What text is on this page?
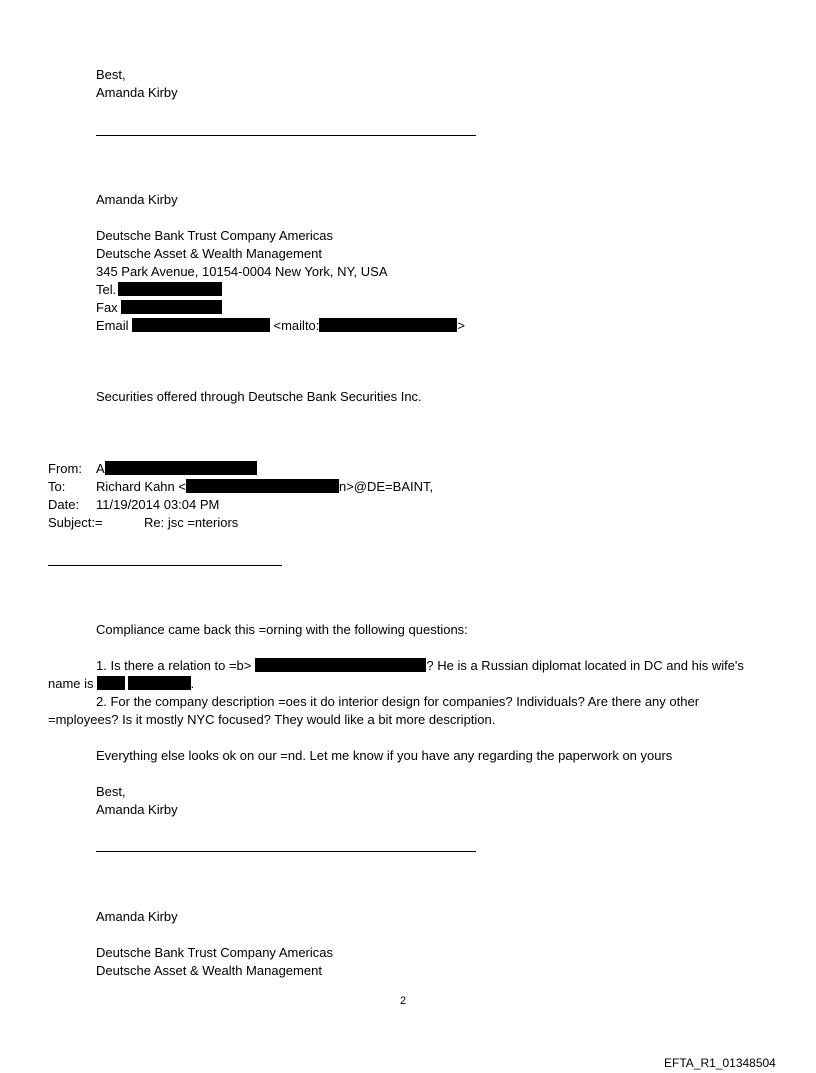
Best,
Amanda Kirby
Amanda Kirby
Deutsche Bank Trust Company Americas
Deutsche Asset & Wealth Management
345 Park Avenue, 10154-0004 New York, NY, USA
Tel.
Fax
Email	<mailto:	>
Securities offered through Deutsche Bank Securities Inc.
From: A
To: Richard Kahn <	n>@DE=BAINT,
Date: 11/19/2014 03:04 PM
Subject:=	Re: jsc =nteriors
Compliance came back this =orning with the following questions:
1. Is there a relation to =b>	? He is a Russian diplomat located in DC and his wife's
name is	.
2. For the company description =oes it do interior design for companies? Individuals? Are there any other
=mployees? Is it mostly NYC focused? They would like a bit more description.
Everything else looks ok on our =nd. Let me know if you have any regarding the paperwork on yours
Best,
Amanda Kirby
Amanda Kirby
Deutsche Bank Trust Company Americas
Deutsche Asset & Wealth Management
2
EFTA_R1_01348504
